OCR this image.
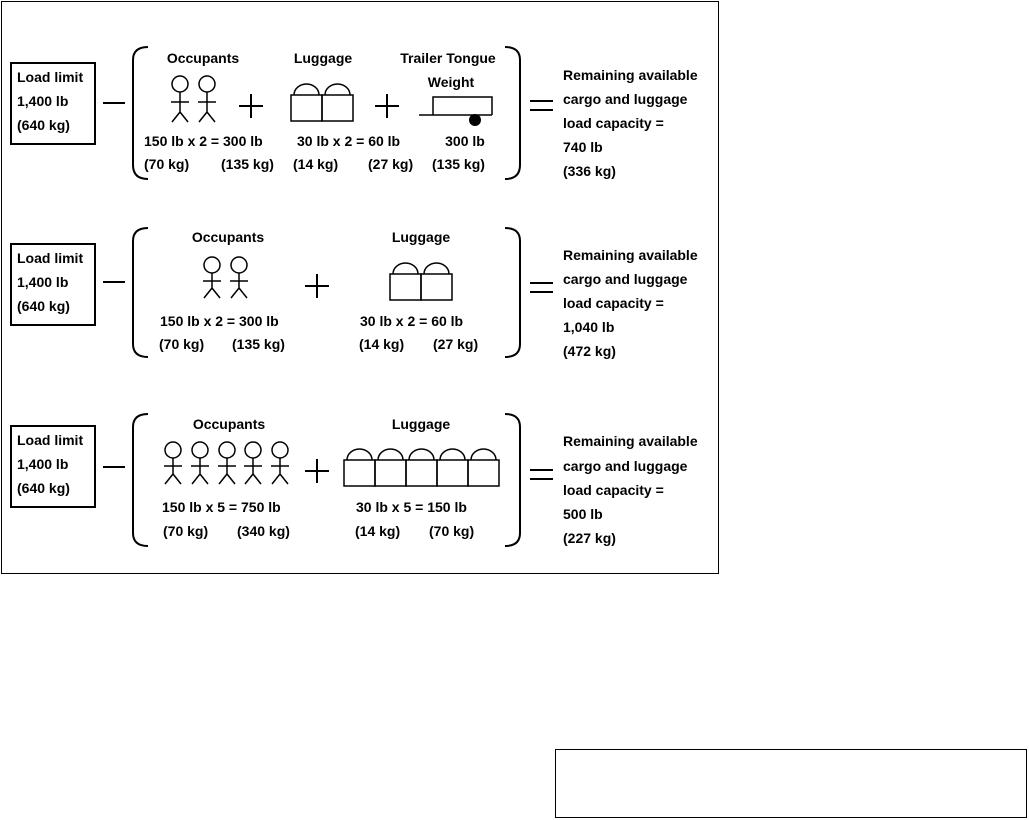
Load limit
1,400 lb
(640 kg)
Occupants	Luggage	Trailer Tongue
Weight
150 lb x 2 = 300 lb
(70 kg) (135 kg)
30 lb x 2 = 60 lb
(14 kg) (27 kg)
300 lb
(135 kg)
Remaining available
cargo and luggage
load capacity =
740 lb
(336 kg)
Load limit
1,400 lb
(640 kg)
Occupants	Luggage
150 lb x 2 = 300 lb
(70 kg) (135 kg)
30 lb x 2 = 60 lb
(14 kg) (27 kg)
Remaining available
cargo and luggage
load capacity =
1,040 lb
(472 kg)
Load limit
1,400 lb
(640 kg)
Occupants	Luggage
150 lb x 5 = 750 lb
(70 kg) (340 kg)
30 lb x 5 = 150 lb
(14 kg) (70 kg)
Remaining available
cargo and luggage
load capacity =
500 lb
(227 kg)
